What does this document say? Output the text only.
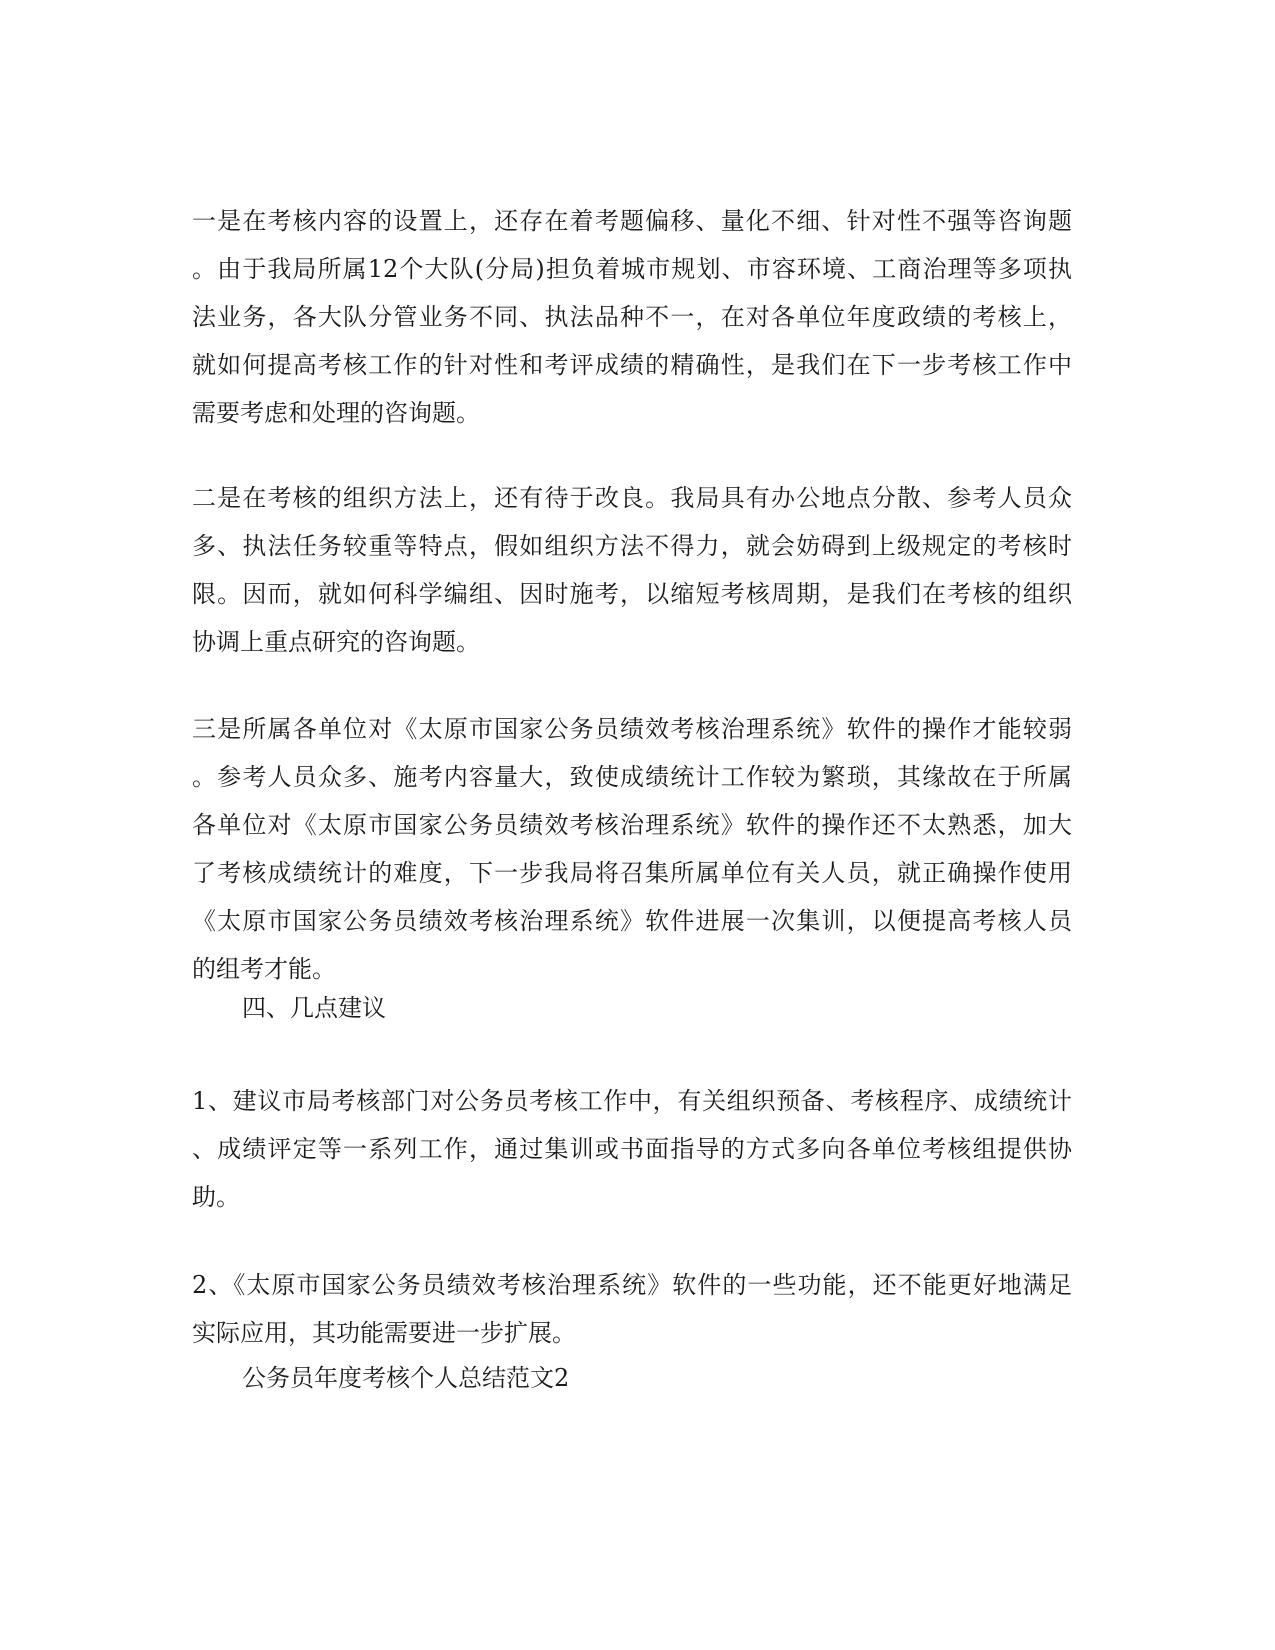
一是在考核内容的设置上，还存在着考题偏移、量化不细、针对性不强等咨询题
。由于我局所属12个大队(分局)担负着城市规划、市容环境、工商治理等多项执
法业务，各大队分管业务不同、执法品种不一，在对各单位年度政绩的考核上，
就如何提高考核工作的针对性和考评成绩的精确性，是我们在下一步考核工作中
需要考虑和处理的咨询题。
二是在考核的组织方法上，还有待于改良。我局具有办公地点分散、参考人员众
多、执法任务较重等特点，假如组织方法不得力，就会妨碍到上级规定的考核时
限。因而，就如何科学编组、因时施考，以缩短考核周期，是我们在考核的组织
协调上重点研究的咨询题。
三是所属各单位对《太原市国家公务员绩效考核治理系统》软件的操作才能较弱
。参考人员众多、施考内容量大，致使成绩统计工作较为繁琐，其缘故在于所属
各单位对《太原市国家公务员绩效考核治理系统》软件的操作还不太熟悉，加大
了考核成绩统计的难度，下一步我局将召集所属单位有关人员，就正确操作使用
《太原市国家公务员绩效考核治理系统》软件进展一次集训，以便提高考核人员
的组考才能。
四、几点建议
1、建议市局考核部门对公务员考核工作中，有关组织预备、考核程序、成绩统计
、成绩评定等一系列工作，通过集训或书面指导的方式多向各单位考核组提供协
助。
2、《太原市国家公务员绩效考核治理系统》软件的一些功能，还不能更好地满足
实际应用，其功能需要进一步扩展。
公务员年度考核个人总结范文2
